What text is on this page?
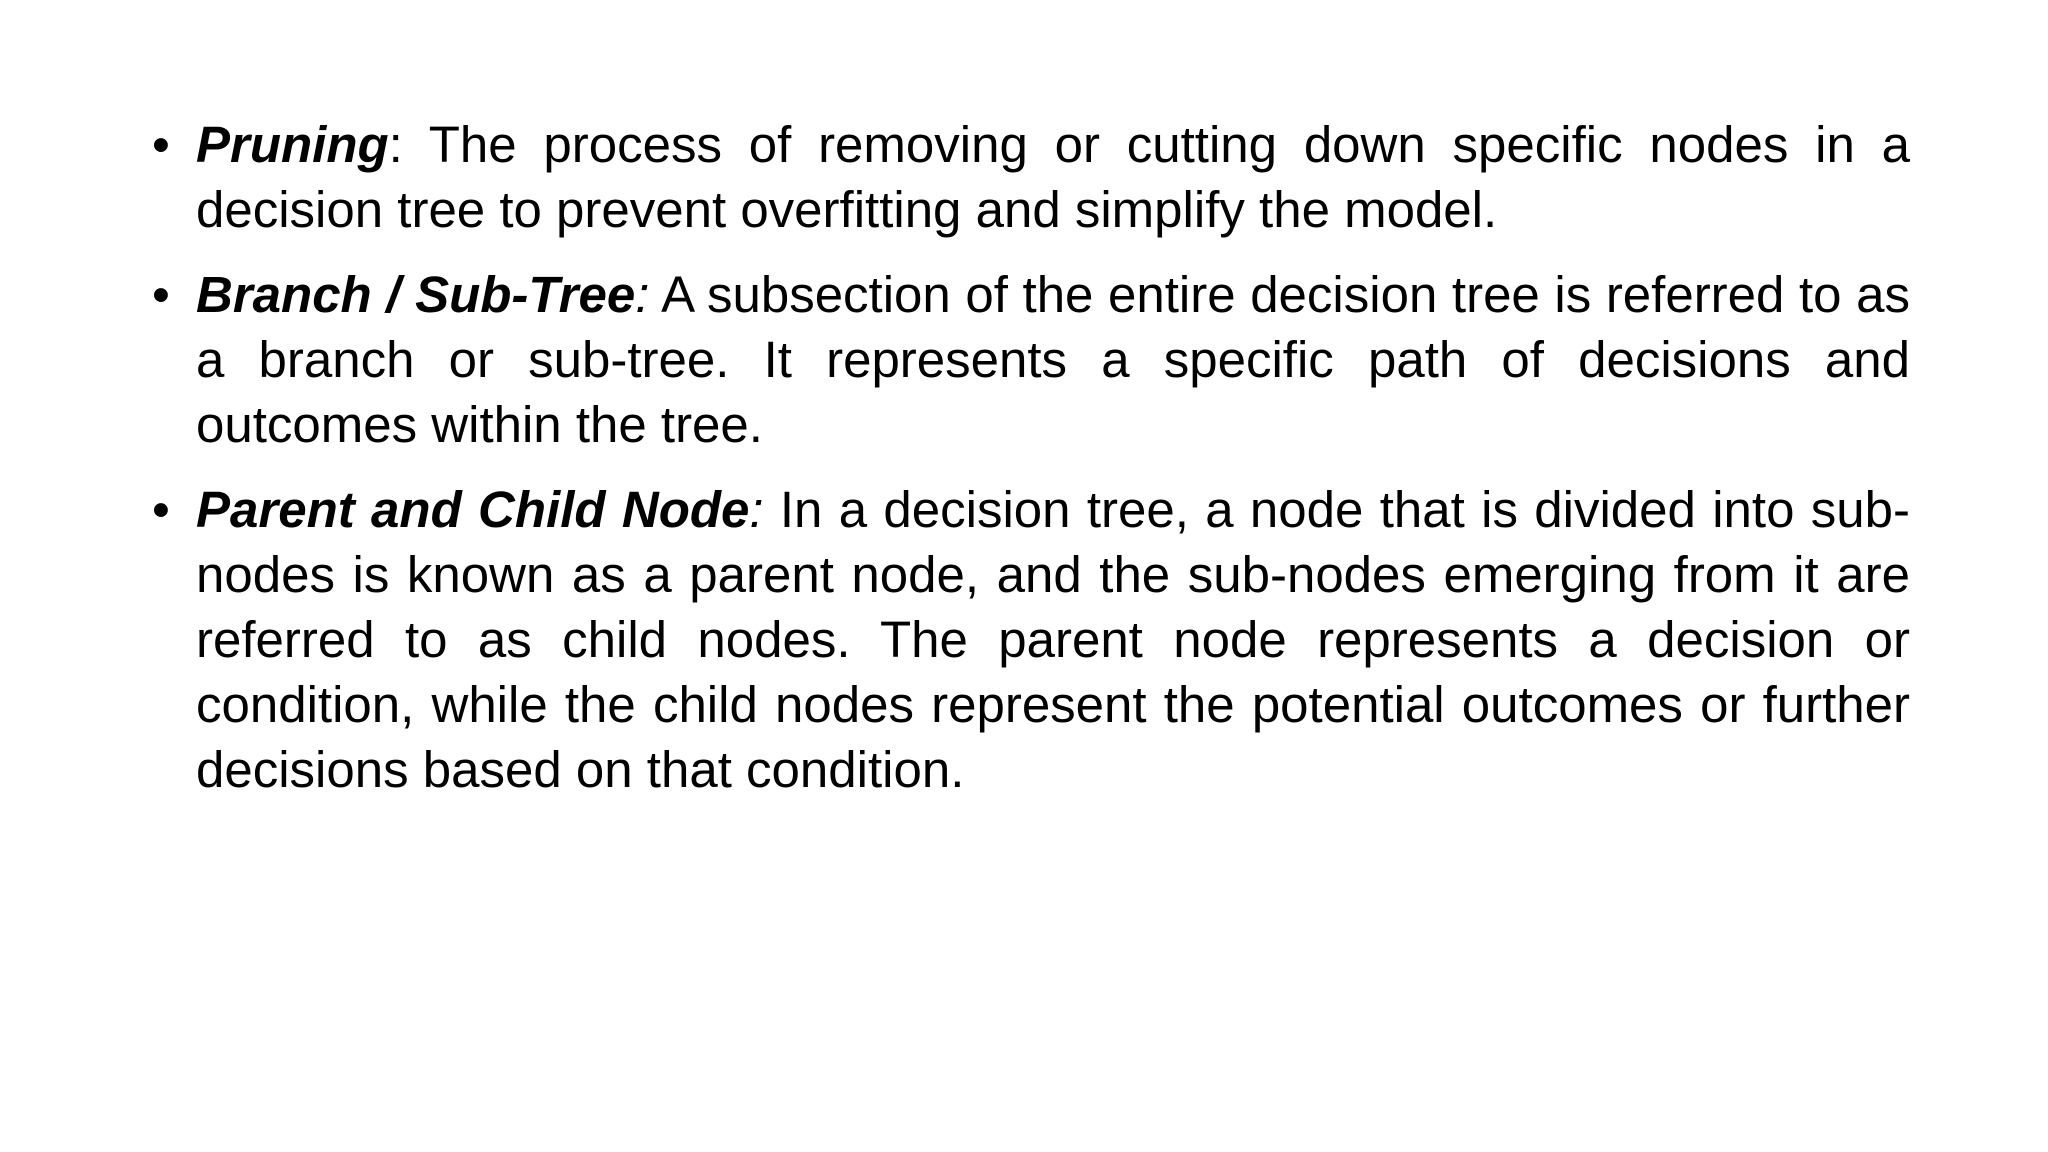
• Pruning: The process of removing or cutting down specific nodes in a decision tree to prevent overfitting and simplify the model.
• Branch / Sub-Tree: A subsection of the entire decision tree is referred to as a branch or sub-tree. It represents a specific path of decisions and outcomes within the tree.
• Parent and Child Node: In a decision tree, a node that is divided into sub-nodes is known as a parent node, and the sub-nodes emerging from it are referred to as child nodes. The parent node represents a decision or condition, while the child nodes represent the potential outcomes or further decisions based on that condition.
